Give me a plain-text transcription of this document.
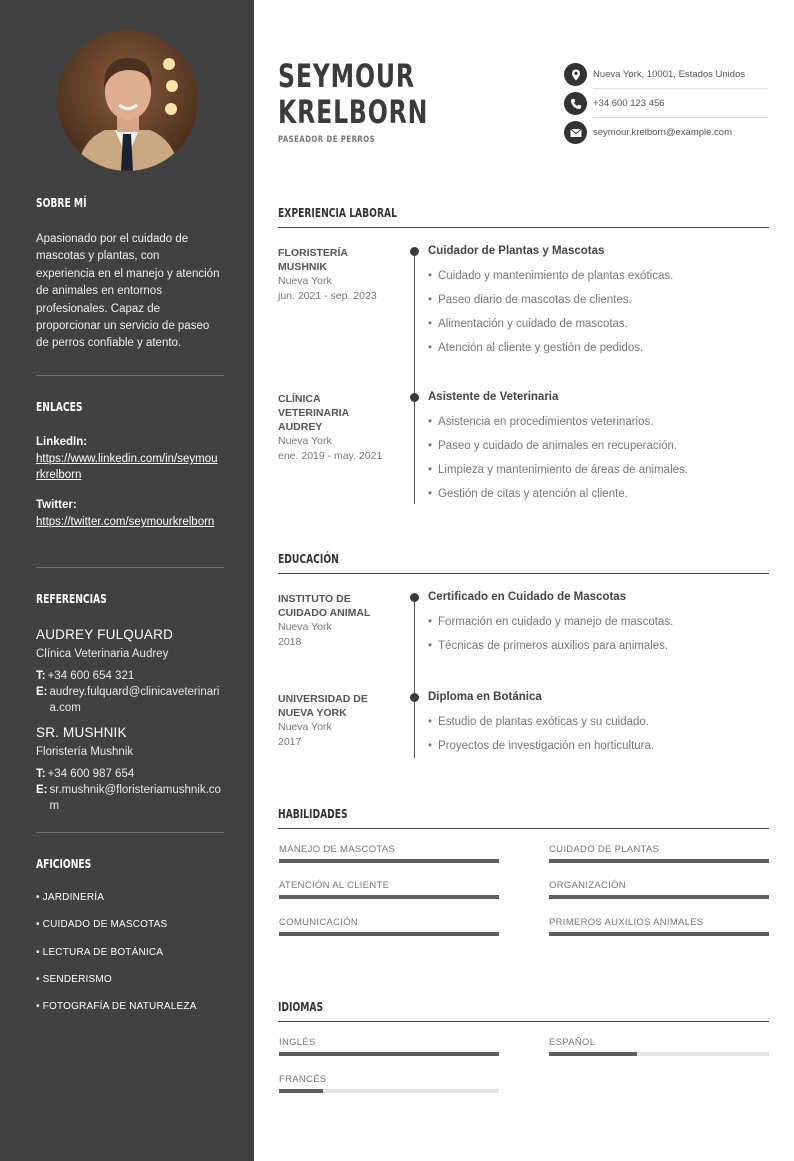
SOBRE MÍ
Apasionado por el cuidado de mascotas y plantas, con experiencia en el manejo y atención de animales en entornos profesionales. Capaz de proporcionar un servicio de paseo de perros confiable y atento.
ENLACES
LinkedIn:
https://www.linkedin.com/in/seymourkrelborn
Twitter:
https://twitter.com/seymourkrelborn
REFERENCIAS
AUDREY FULQUARD
Clínica Veterinaria Audrey
T: +34 600 654 321
E: audrey.fulquard@clinicaveterinaria.com
SR. MUSHNIK
Floristería Mushnik
T: +34 600 987 654
E: sr.mushnik@floristeriamushnik.com
AFICIONES
• JARDINERÍA
• CUIDADO DE MASCOTAS
• LECTURA DE BOTÁNICA
• SENDERISMO
• FOTOGRAFÍA DE NATURALEZA
SEYMOUR
KRELBORN
PASEADOR DE PERROS
Nueva York, 10001, Estados Unidos
+34 600 123 456
seymour.krelborn@example.com
EXPERIENCIA LABORAL
FLORISTERÍA MUSHNIK
Nueva York
jun. 2021 - sep. 2023
Cuidador de Plantas y Mascotas
• Cuidado y mantenimiento de plantas exóticas.
• Paseo diario de mascotas de clientes.
• Alimentación y cuidado de mascotas.
• Atención al cliente y gestión de pedidos.
CLÍNICA VETERINARIA AUDREY
Nueva York
ene. 2019 - may. 2021
Asistente de Veterinaria
• Asistencia en procedimientos veterinarios.
• Paseo y cuidado de animales en recuperación.
• Limpieza y mantenimiento de áreas de animales.
• Gestión de citas y atención al cliente.
EDUCACIÓN
INSTITUTO DE CUIDADO ANIMAL
Nueva York
2018
Certificado en Cuidado de Mascotas
• Formación en cuidado y manejo de mascotas.
• Técnicas de primeros auxilios para animales.
UNIVERSIDAD DE NUEVA YORK
Nueva York
2017
Diploma en Botánica
• Estudio de plantas exóticas y su cuidado.
• Proyectos de investigación en horticultura.
HABILIDADES
MANEJO DE MASCOTAS	CUIDADO DE PLANTAS
ATENCIÓN AL CLIENTE	ORGANIZACIÓN
COMUNICACIÓN	PRIMEROS AUXILIOS ANIMALES
IDIOMAS
INGLÉS	ESPAÑOL
FRANCÉS
